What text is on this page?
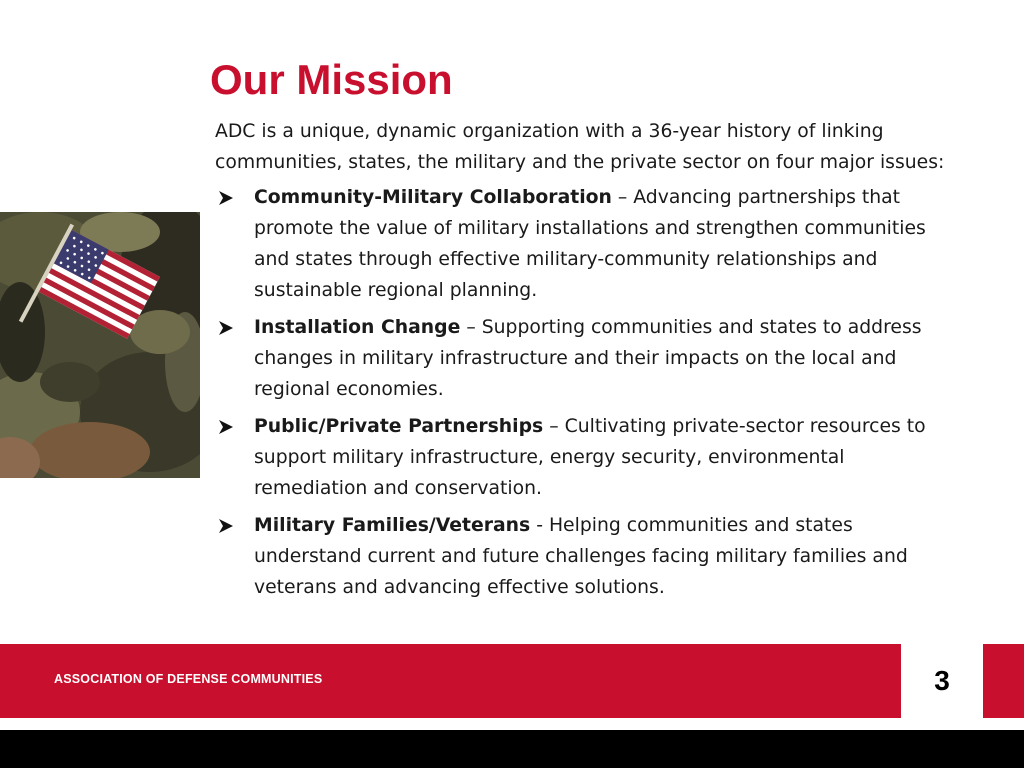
Our Mission

ADC is a unique, dynamic organization with a 36-year history of linking communities, states, the military and the private sector on four major issues:

Community-Military Collaboration – Advancing partnerships that promote the value of military installations and strengthen communities and states through effective military-community relationships and sustainable regional planning.
Installation Change – Supporting communities and states to address changes in military infrastructure and their impacts on the local and regional economies.
Public/Private Partnerships – Cultivating private-sector resources to support military infrastructure, energy security, environmental remediation and conservation.
Military Families/Veterans - Helping communities and states understand current and future challenges facing military families and veterans and advancing effective solutions.
ASSOCIATION OF DEFENSE COMMUNITIES	3
